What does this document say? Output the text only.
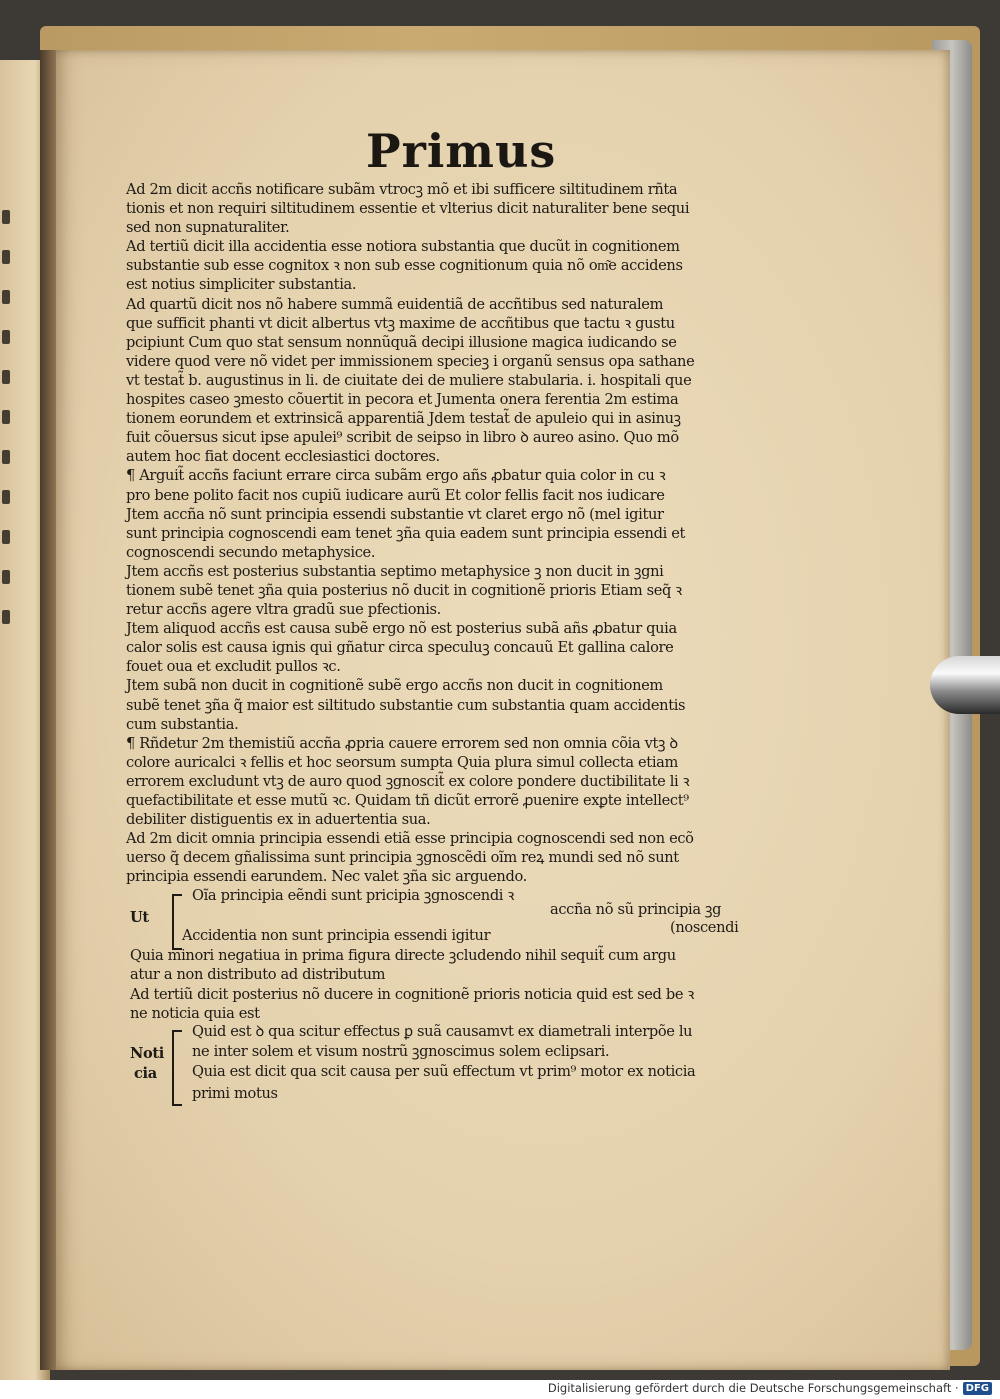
Primus
Ad 2m dicit accñs notificare subãm vtrocꝫ mõ et ibi sufficere siltitudinem rñta
tionis et non requiri siltitudinem essentie et vlterius dicit naturaliter bene sequi
sed non supnaturaliter.
Ad tertiũ dicit illa accidentia esse notiora substantia que ducũt in cognitionem
substantie sub esse cognitox ꝛ non sub esse cognitionum quia nõ om͂e accidens
est notius simpliciter substantia.
Ad quartũ dicit nos nõ habere summã euidentiã de accñtibus sed naturalem
que sufficit phanti vt dicit albertus vtꝫ maxime de accñtibus que tactu ꝛ gustu
pcipiunt Cum quo stat sensum nonnũquã decipi illusione magica iudicando se
videre quod vere nõ videt per immissionem specieꝫ i organũ sensus opa sathane
vt testat̃ b. augustinus in li. de ciuitate dei de muliere stabularia. i. hospitali que
hospites caseo ꝫmesto cõuertit in pecora et Jumenta onera ferentia 2m estima
tionem eorundem et extrinsicã apparentiã Jdem testat̃ de apuleio qui in asinuꝫ
fuit cõuersus sicut ipse apulei⁹ scribit de seipso in libro ꝺ aureo asino. Quo mõ
autem hoc fiat docent ecclesiastici doctores.
¶ Arguit̃ accñs faciunt errare circa subãm ergo añs ꝓbatur quia color in cu ꝛ
pro bene polito facit nos cupiũ iudicare aurũ Et color fellis facit nos iudicare
Jtem accña nõ sunt principia essendi substantie vt claret ergo nõ (mel igitur
sunt principia cognoscendi eam tenet ꝫña quia eadem sunt principia essendi et
cognoscendi secundo metaphysice.
Jtem accñs est posterius substantia septimo metaphysice ꝫ non ducit in ꝫgni
tionem subẽ tenet ꝫña quia posterius nõ ducit in cognitionẽ prioris Etiam seq̃ ꝛ
retur accñs agere vltra gradũ sue pfectionis.
Jtem aliquod accñs est causa subẽ ergo nõ est posterius subã añs ꝓbatur quia
calor solis est causa ignis qui gñatur circa speculuꝫ concauũ Et gallina calore
fouet oua et excludit pullos ꝛc.
Jtem subã non ducit in cognitionẽ subẽ ergo accñs non ducit in cognitionem
subẽ tenet ꝫña q̃ maior est siltitudo substantie cum substantia quam accidentis
cum substantia.
¶ Rñdetur 2m themistiũ accña ꝓpria cauere errorem sed non omnia cõia vtꝫ ꝺ
colore auricalci ꝛ fellis et hoc seorsum sumpta Quia plura simul collecta etiam
errorem excludunt vtꝫ de auro quod ꝫgnoscit̃ ex colore pondere ductibilitate li ꝛ
quefactibilitate et esse mutũ ꝛc. Quidam tñ dicũt errorẽ ꝓuenire exꝑte intellect⁹
debiliter distiguentis ex in aduertentia sua.
Ad 2m dicit omnia principia essendi etiã esse principia cognoscendi sed non ecõ
uerso q̃ decem gñalissima sunt principia ꝫgnoscẽdi oĩm reꝝ mundi sed nõ sunt
principia essendi earundem. Nec valet ꝫña sic arguendo.
Oĩa principia eẽndi sunt pricipia ꝫgnoscendi ꝛ
Ut	accña nõ sũ principia ꝫg
Accidentia non sunt principia essendi igitur	(noscendi
Quia minori negatiua in prima figura directe ꝫcludendo nihil sequit̃ cum argu
atur a non distributo ad distributum
Ad tertiũ dicit posterius nõ ducere in cognitionẽ prioris noticia quid est sed be ꝛ
ne noticia quia est
Quid est ꝺ qua scitur effectus ꝑ suã causamvt ex diametrali interpõe lu
Noti ne inter solem et visum nostrũ ꝫgnoscimus solem eclipsari.
cia Quia est dicit qua scit causa per suũ effectum vt prim⁹ motor ex noticia
primi motus
Digitalisierung gefördert durch die Deutsche Forschungsgemeinschaft · DFG
